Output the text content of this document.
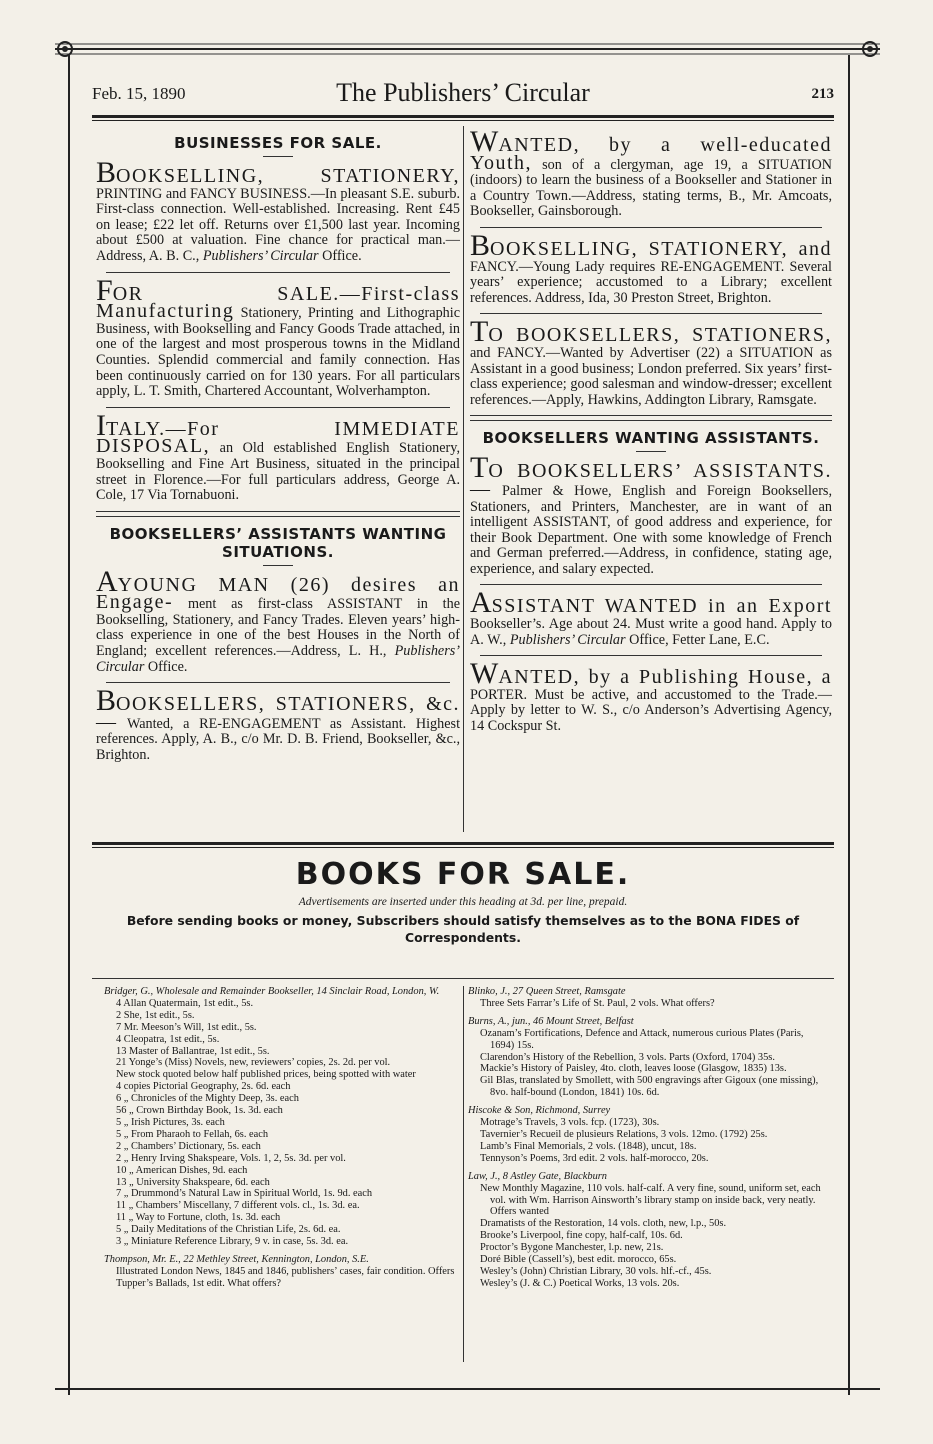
Feb. 15, 1890	The Publishers’ Circular	213
BUSINESSES FOR SALE.

BOOKSELLING, STATIONERY, PRINTING and FANCY BUSINESS.—In pleasant S.E. suburb. First-class connection. Well-established. Increasing. Rent £45 on lease; £22 let off. Returns over £1,500 last year. Incoming about £500 at valuation. Fine chance for practical man.—Address, A. B. C., Publishers’ Circular Office.

FOR SALE.—First-class Manufacturing Stationery, Printing and Lithographic Business, with Bookselling and Fancy Goods Trade attached, in one of the largest and most prosperous towns in the Midland Counties. Splendid commercial and family connection. Has been continuously carried on for 130 years. For all particulars apply, L. T. Smith, Chartered Accountant, Wolverhampton.

ITALY.—For IMMEDIATE DISPOSAL, an Old established English Stationery, Bookselling and Fine Art Business, situated in the principal street in Florence.—For full particulars address, George A. Cole, 17 Via Tornabuoni.

BOOKSELLERS’ ASSISTANTS WANTING SITUATIONS.

AYOUNG MAN (26) desires an Engage- ment as first-class ASSISTANT in the Bookselling, Stationery, and Fancy Trades. Eleven years’ high-class experience in one of the best Houses in the North of England; excellent references.—Address, L. H., Publishers’ Circular Office.

BOOKSELLERS, STATIONERS, &c.— Wanted, a RE-ENGAGEMENT as Assistant. Highest references. Apply, A. B., c/o Mr. D. B. Friend, Bookseller, &c., Brighton.

WANTED, by a well-educated Youth, son of a clergyman, age 19, a SITUATION (indoors) to learn the business of a Bookseller and Stationer in a Country Town.—Address, stating terms, B., Mr. Amcoats, Bookseller, Gainsborough.

BOOKSELLING, STATIONERY, and FANCY.—Young Lady requires RE-ENGAGEMENT. Several years’ experience; accustomed to a Library; excellent references. Address, Ida, 30 Preston Street, Brighton.

TO BOOKSELLERS, STATIONERS, and FANCY.—Wanted by Advertiser (22) a SITUATION as Assistant in a good business; London preferred. Six years’ first-class experience; good salesman and window-dresser; excellent references.—Apply, Hawkins, Addington Library, Ramsgate.

BOOKSELLERS WANTING ASSISTANTS.

TO BOOKSELLERS’ ASSISTANTS.— Palmer & Howe, English and Foreign Booksellers, Stationers, and Printers, Manchester, are in want of an intelligent ASSISTANT, of good address and experience, for their Book Department. One with some knowledge of French and German preferred.—Address, in confidence, stating age, experience, and salary expected.

ASSISTANT WANTED in an Export Bookseller’s. Age about 24. Must write a good hand. Apply to A. W., Publishers’ Circular Office, Fetter Lane, E.C.

WANTED, by a Publishing House, a PORTER. Must be active, and accustomed to the Trade.—Apply by letter to W. S., c/o Anderson’s Advertising Agency, 14 Cockspur St.

BOOKS FOR SALE.
Advertisements are inserted under this heading at 3d. per line, prepaid.
Before sending books or money, Subscribers should satisfy themselves as to the BONA FIDES of Correspondents.
Bridger, G., Wholesale and Remainder Bookseller, 14 Sinclair Road, London, W.
4 Allan Quatermain, 1st edit., 5s.
2 She, 1st edit., 5s.
7 Mr. Meeson’s Will, 1st edit., 5s.
4 Cleopatra, 1st edit., 5s.
13 Master of Ballantrae, 1st edit., 5s.
21 Yonge’s (Miss) Novels, new, reviewers’ copies, 2s. 2d. per vol.
New stock quoted below half published prices, being spotted with water
4 copies Pictorial Geography, 2s. 6d. each
6 „ Chronicles of the Mighty Deep, 3s. each
56 „ Crown Birthday Book, 1s. 3d. each
5 „ Irish Pictures, 3s. each
5 „ From Pharaoh to Fellah, 6s. each
2 „ Chambers’ Dictionary, 5s. each
2 „ Henry Irving Shakspeare, Vols. 1, 2, 5s. 3d. per vol.
10 „ American Dishes, 9d. each
13 „ University Shakspeare, 6d. each
7 „ Drummond’s Natural Law in Spiritual World, 1s. 9d. each
11 „ Chambers’ Miscellany, 7 different vols. cl., 1s. 3d. ea.
11 „ Way to Fortune, cloth, 1s. 3d. each
5 „ Daily Meditations of the Christian Life, 2s. 6d. ea.
3 „ Miniature Reference Library, 9 v. in case, 5s. 3d. ea.
Thompson, Mr. E., 22 Methley Street, Kennington, London, S.E.
Illustrated London News, 1845 and 1846, publishers’ cases, fair condition. Offers
Tupper’s Ballads, 1st edit. What offers?
Blinko, J., 27 Queen Street, Ramsgate
Three Sets Farrar’s Life of St. Paul, 2 vols. What offers?
Burns, A., jun., 46 Mount Street, Belfast
Ozanam’s Fortifications, Defence and Attack, numerous curious Plates (Paris, 1694) 15s.
Clarendon’s History of the Rebellion, 3 vols. Parts (Oxford, 1704) 35s.
Mackie’s History of Paisley, 4to. cloth, leaves loose (Glasgow, 1835) 13s.
Gil Blas, translated by Smollett, with 500 engravings after Gigoux (one missing), 8vo. half-bound (London, 1841) 10s. 6d.
Hiscoke & Son, Richmond, Surrey
Motrage’s Travels, 3 vols. fcp. (1723), 30s.
Tavernier’s Recueil de plusieurs Relations, 3 vols. 12mo. (1792) 25s.
Lamb’s Final Memorials, 2 vols. (1848), uncut, 18s.
Tennyson’s Poems, 3rd edit. 2 vols. half-morocco, 20s.
Law, J., 8 Astley Gate, Blackburn
New Monthly Magazine, 110 vols. half-calf. A very fine, sound, uniform set, each vol. with Wm. Harrison Ainsworth’s library stamp on inside back, very neatly. Offers wanted
Dramatists of the Restoration, 14 vols. cloth, new, l.p., 50s.
Brooke’s Liverpool, fine copy, half-calf, 10s. 6d.
Proctor’s Bygone Manchester, l.p. new, 21s.
Doré Bible (Cassell’s), best edit. morocco, 65s.
Wesley’s (John) Christian Library, 30 vols. hlf.-cf., 45s.
Wesley’s (J. & C.) Poetical Works, 13 vols. 20s.
